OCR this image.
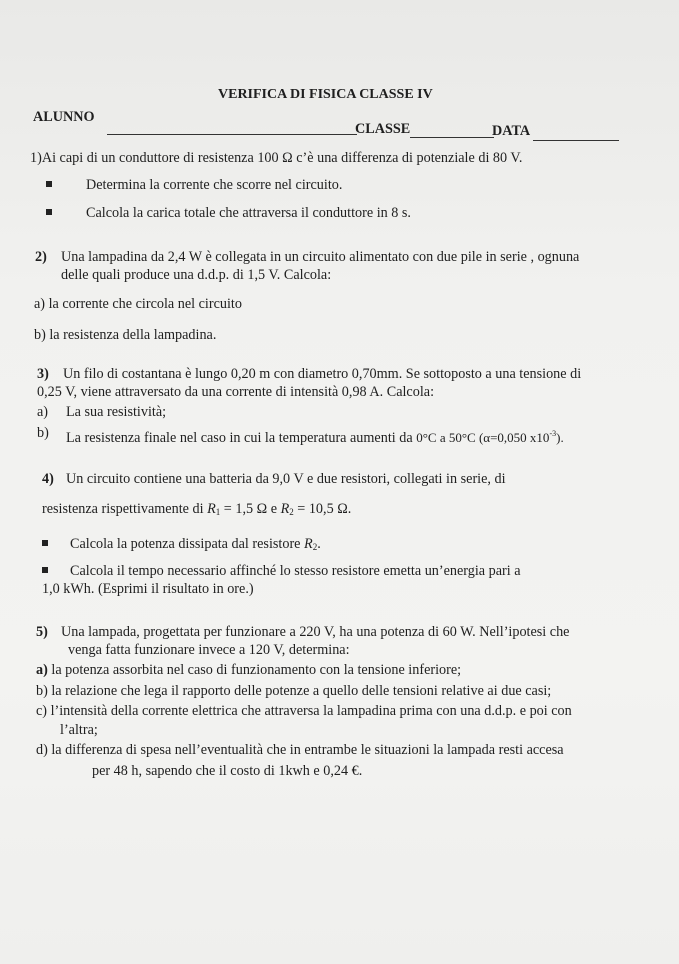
VERIFICA DI FISICA CLASSE IV
ALUNNO
CLASSE	DATA
1)Ai capi di un conduttore di resistenza 100 Ω c’è una differenza di potenziale di 80 V.
Determina la corrente che scorre nel circuito.
Calcola la carica totale che attraversa il conduttore in 8 s.
2) Una lampadina da 2,4 W è collegata in un circuito alimentato con due pile in serie , ognuna
delle quali produce una d.d.p. di 1,5 V. Calcola:
a) la corrente che circola nel circuito
b) la resistenza della lampadina.
3) Un filo di costantana è lungo 0,20 m con diametro 0,70mm. Se sottoposto a una tensione di
0,25 V, viene attraversato da una corrente di intensità 0,98 A. Calcola:
a) La sua resistività;
b) La resistenza finale nel caso in cui la temperatura aumenti da 0°C a 50°C (α=0,050 $x10^{-3}$).
4) Un circuito contiene una batteria da 9,0 V e due resistori, collegati in serie, di
resistenza rispettivamente di $R_1 = 1,5$ Ω e $R_2 = 10,5$ Ω.
Calcola la potenza dissipata dal resistore $R_2$.
Calcola il tempo necessario affinché lo stesso resistore emetta un’energia pari a
1,0 kWh. (Esprimi il risultato in ore.)
5) Una lampada, progettata per funzionare a 220 V, ha una potenza di 60 W. Nell’ipotesi che
venga fatta funzionare invece a 120 V, determina:
a) la potenza assorbita nel caso di funzionamento con la tensione inferiore;
b) la relazione che lega il rapporto delle potenze a quello delle tensioni relative ai due casi;
c) l’intensità della corrente elettrica che attraversa la lampadina prima con una d.d.p. e poi con
l’altra;
d) la differenza di spesa nell’eventualità che in entrambe le situazioni la lampada resti accesa
per 48 h, sapendo che il costo di 1kwh e 0,24 €.
